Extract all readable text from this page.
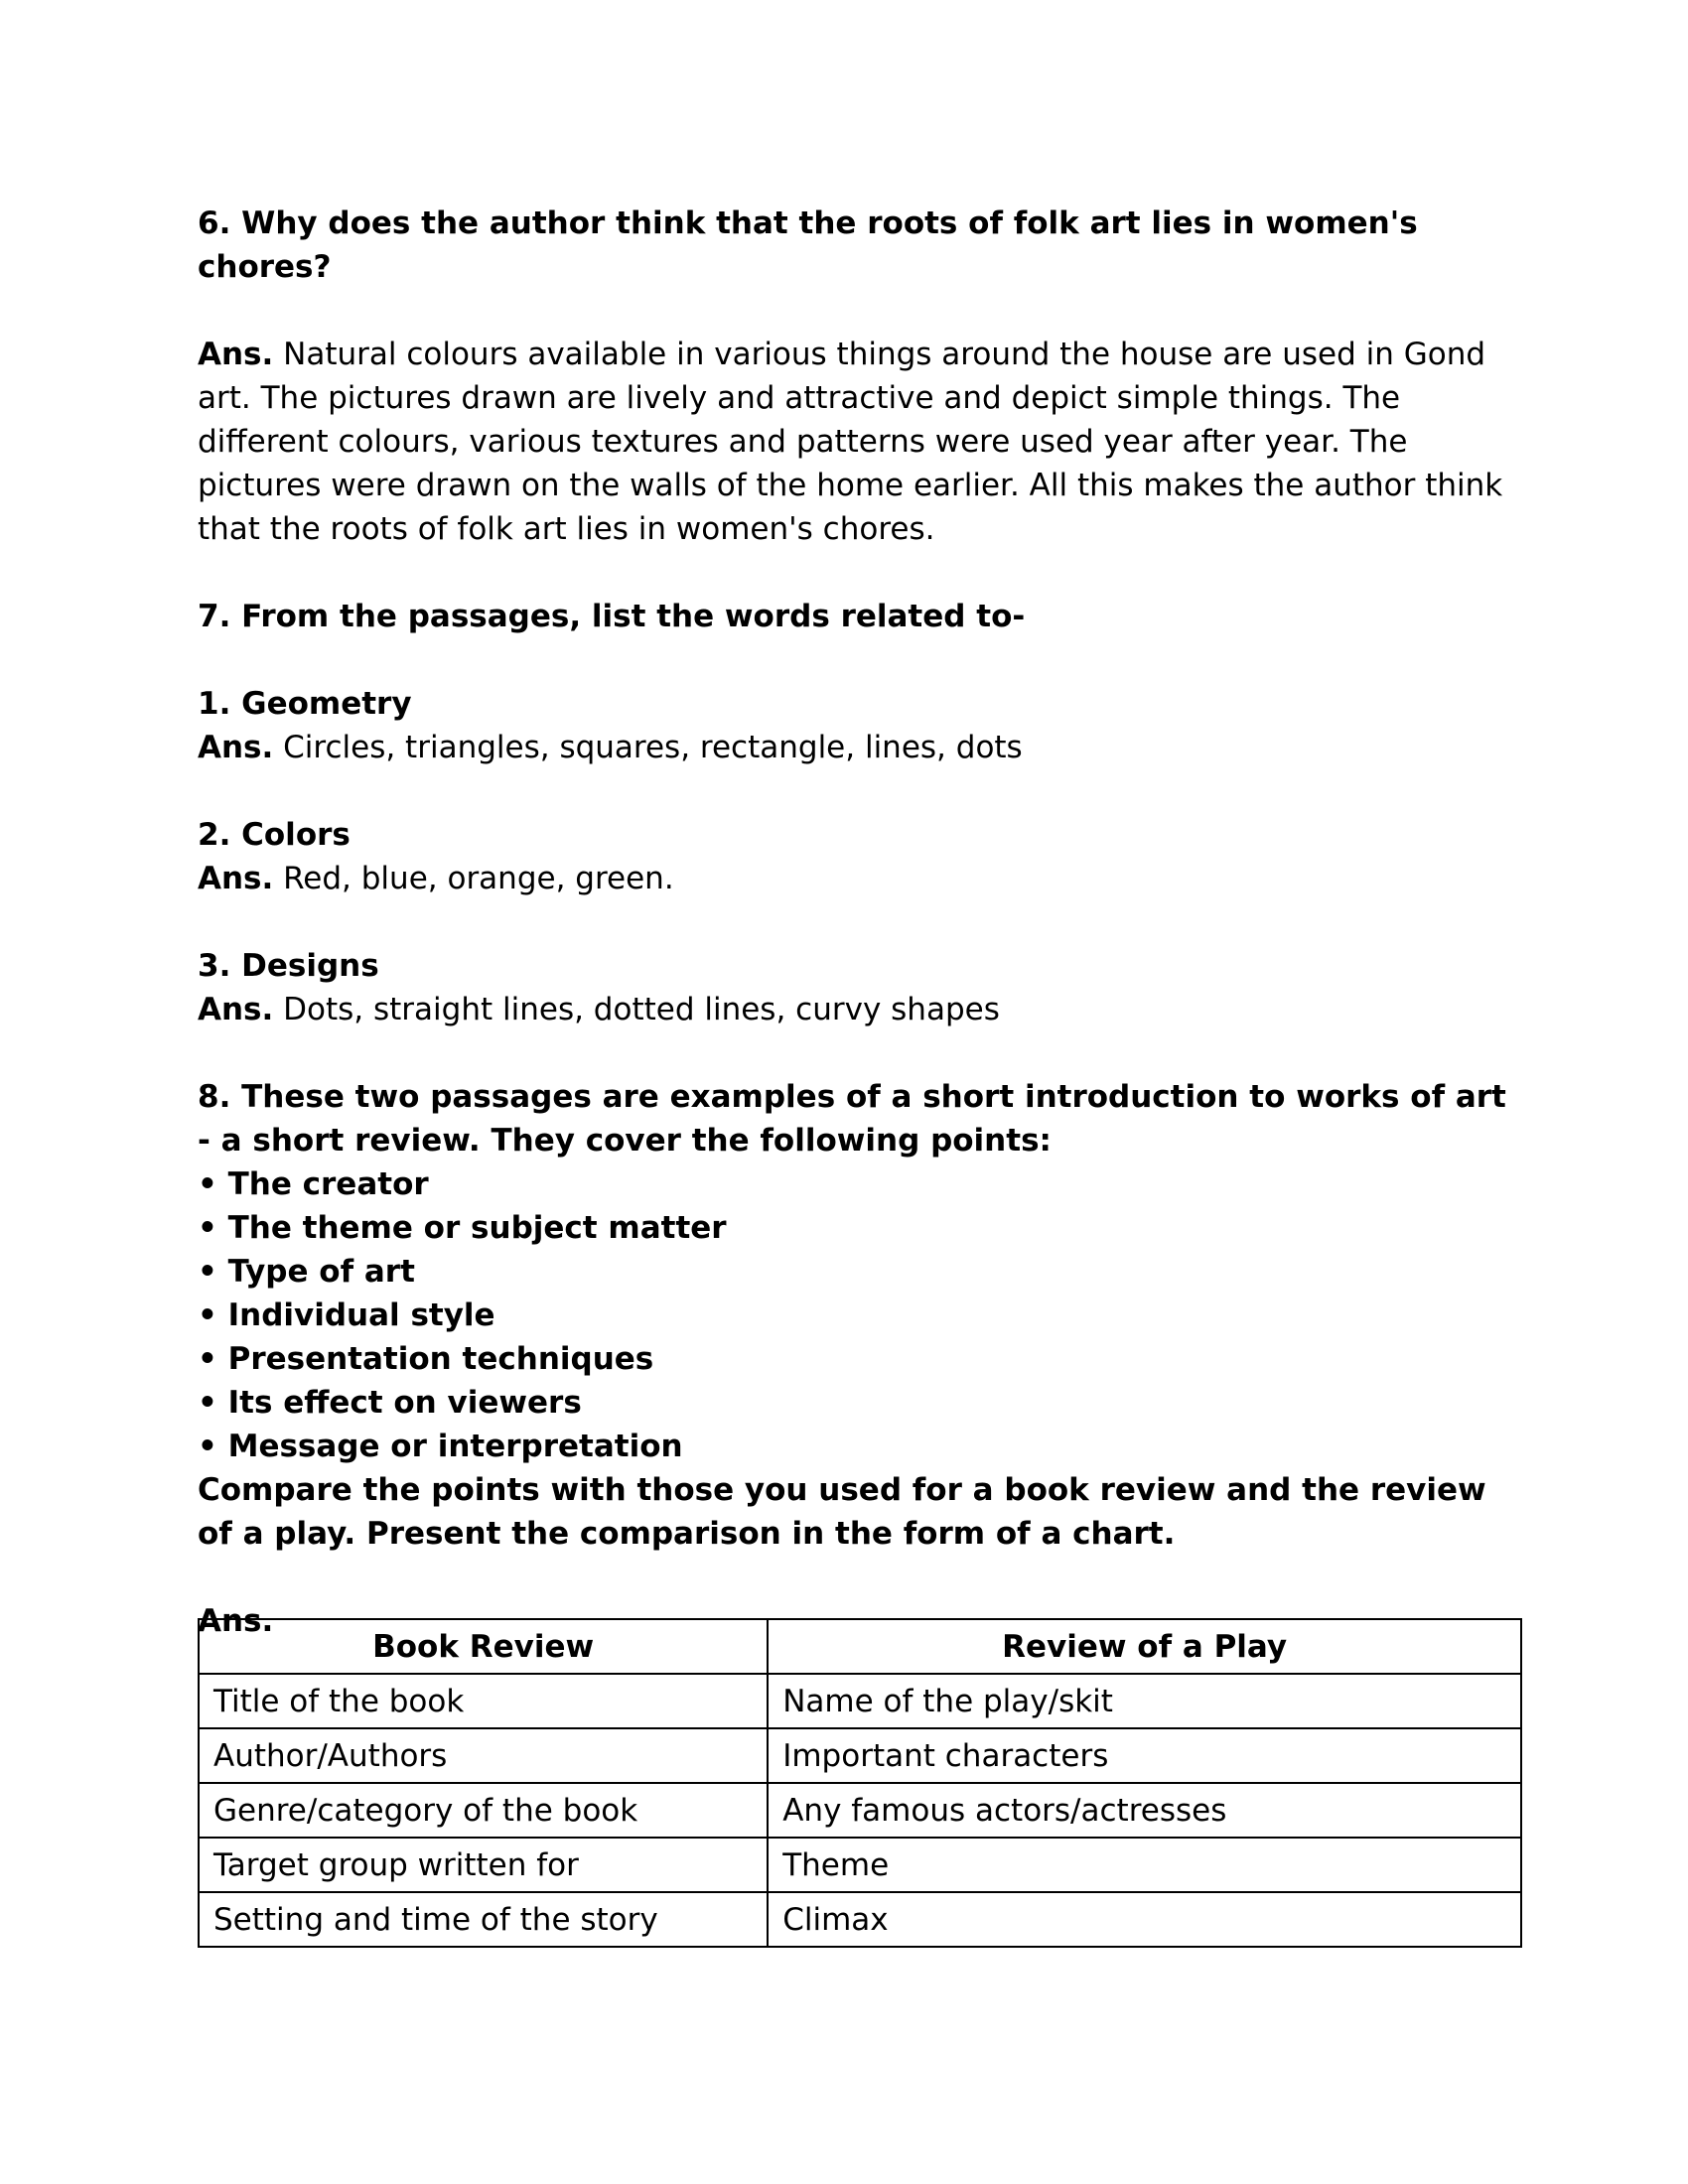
6. Why does the author think that the roots of folk art lies in women's chores?

Ans. Natural colours available in various things around the house are used in Gond art. The pictures drawn are lively and attractive and depict simple things. The different colours, various textures and patterns were used year after year. The pictures were drawn on the walls of the home earlier. All this makes the author think that the roots of folk art lies in women's chores.

7. From the passages, list the words related to-

1. Geometry

Ans. Circles, triangles, squares, rectangle, lines, dots

2. Colors

Ans. Red, blue, orange, green.

3. Designs

Ans. Dots, straight lines, dotted lines, curvy shapes

8. These two passages are examples of a short introduction to works of art - a short review. They cover the following points:

• The creator

• The theme or subject matter

• Type of art

• Individual style

• Presentation techniques

• Its effect on viewers

• Message or interpretation

Compare the points with those you used for a book review and the review of a play. Present the comparison in the form of a chart.

Ans.

Book Review	Review of a Play
Title of the book	Name of the play/skit
Author/Authors	Important characters
Genre/category of the book	Any famous actors/actresses
Target group written for	Theme
Setting and time of the story	Climax
